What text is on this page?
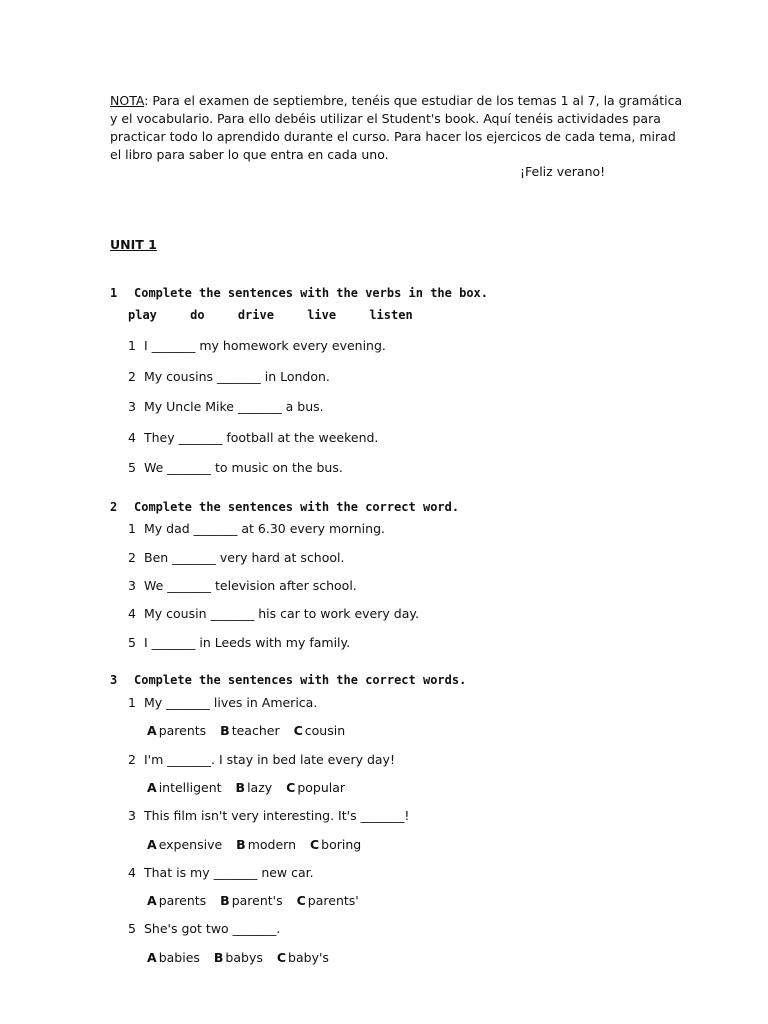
NOTA: Para el examen de septiembre, tenéis que estudiar de los temas 1 al 7, la gramática
y el vocabulario. Para ello debéis utilizar el Student's book. Aquí tenéis actividades para
practicar todo lo aprendido durante el curso. Para hacer los ejercicos de cada tema, mirad
el libro para saber lo que entra en cada uno.
¡Feliz verano!
UNIT 1
1 Complete the sentences with the verbs in the box.
play	do	drive	live	listen
1 I _______ my homework every evening.
2 My cousins _______ in London.
3 My Uncle Mike _______ a bus.
4 They _______ football at the weekend.
5 We _______ to music on the bus.
2 Complete the sentences with the correct word.
1 My dad _______ at 6.30 every morning.
2 Ben _______ very hard at school.
3 We _______ television after school.
4 My cousin _______ his car to work every day.
5 I _______ in Leeds with my family.
3 Complete the sentences with the correct words.
1 My _______ lives in America.
A parents B teacher C cousin
2 I'm _______. I stay in bed late every day!
A intelligent B lazy C popular
3 This film isn't very interesting. It's _______!
A expensive B modern C boring
4 That is my _______ new car.
A parents B parent's C parents'
5 She's got two _______.
A babies B babys C baby's
